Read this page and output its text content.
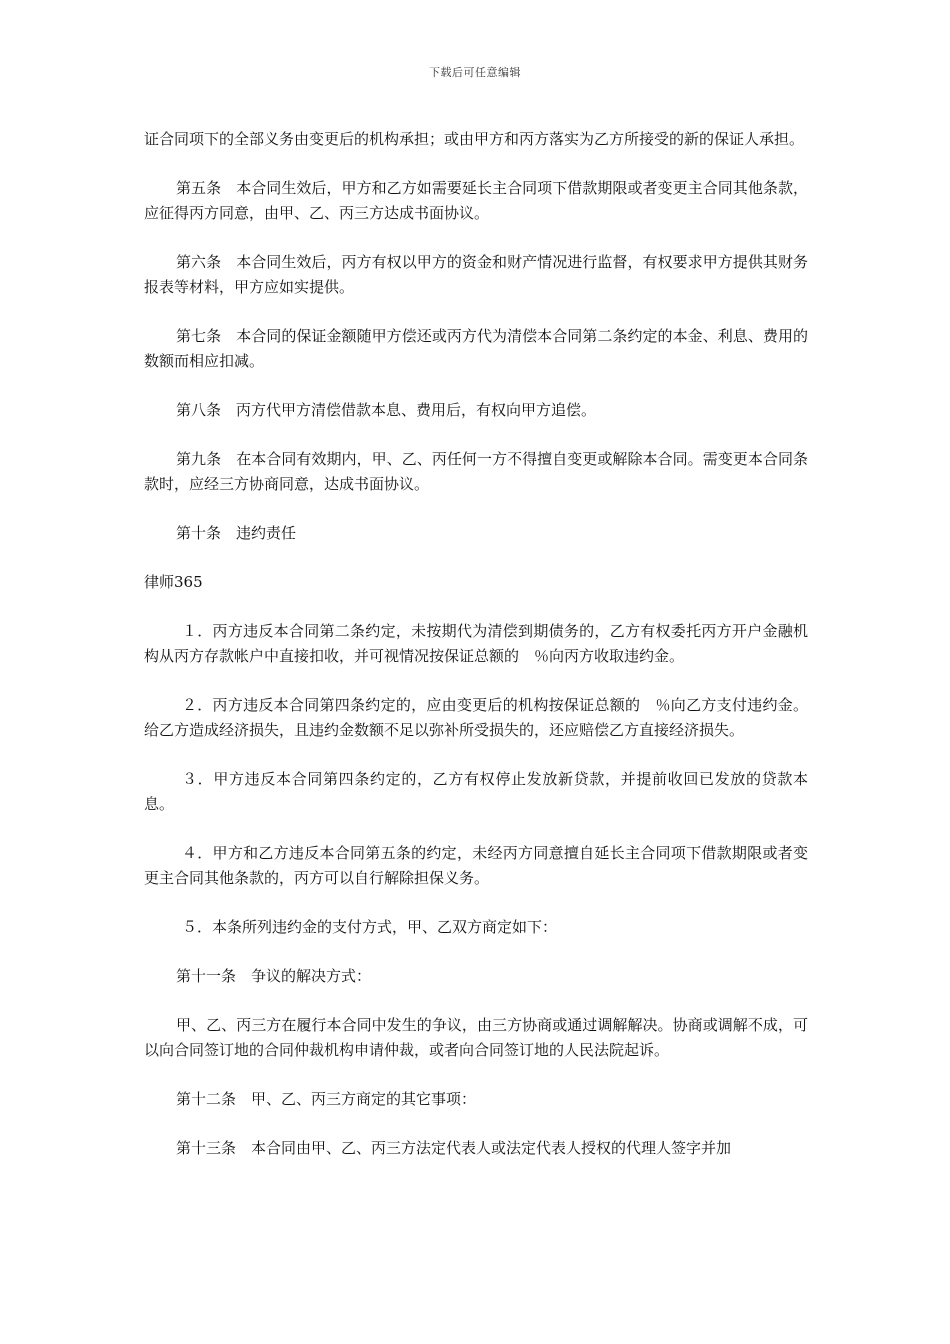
下载后可任意编辑

证合同项下的全部义务由变更后的机构承担；或由甲方和丙方落实为乙方所接受的新的保证人承担。

第五条　本合同生效后，甲方和乙方如需要延长主合同项下借款期限或者变更主合同其他条款，应征得丙方同意，由甲、乙、丙三方达成书面协议。

第六条　本合同生效后，丙方有权以甲方的资金和财产情况进行监督，有权要求甲方提供其财务报表等材料，甲方应如实提供。

第七条　本合同的保证金额随甲方偿还或丙方代为清偿本合同第二条约定的本金、利息、费用的数额而相应扣减。

第八条　丙方代甲方清偿借款本息、费用后，有权向甲方追偿。

第九条　在本合同有效期内，甲、乙、丙任何一方不得擅自变更或解除本合同。需变更本合同条款时，应经三方协商同意，达成书面协议。

第十条　违约责任

律师365

１．丙方违反本合同第二条约定，未按期代为清偿到期债务的，乙方有权委托丙方开户金融机构从丙方存款帐户中直接扣收，并可视情况按保证总额的　％向丙方收取违约金。

２．丙方违反本合同第四条约定的，应由变更后的机构按保证总额的　％向乙方支付违约金。给乙方造成经济损失，且违约金数额不足以弥补所受损失的，还应赔偿乙方直接经济损失。

３．甲方违反本合同第四条约定的，乙方有权停止发放新贷款，并提前收回已发放的贷款本息。

４．甲方和乙方违反本合同第五条的约定，未经丙方同意擅自延长主合同项下借款期限或者变更主合同其他条款的，丙方可以自行解除担保义务。

５．本条所列违约金的支付方式，甲、乙双方商定如下：

第十一条　争议的解决方式：

甲、乙、丙三方在履行本合同中发生的争议，由三方协商或通过调解解决。协商或调解不成，可以向合同签订地的合同仲裁机构申请仲裁，或者向合同签订地的人民法院起诉。

第十二条　甲、乙、丙三方商定的其它事项：

第十三条　本合同由甲、乙、丙三方法定代表人或法定代表人授权的代理人签字并加
